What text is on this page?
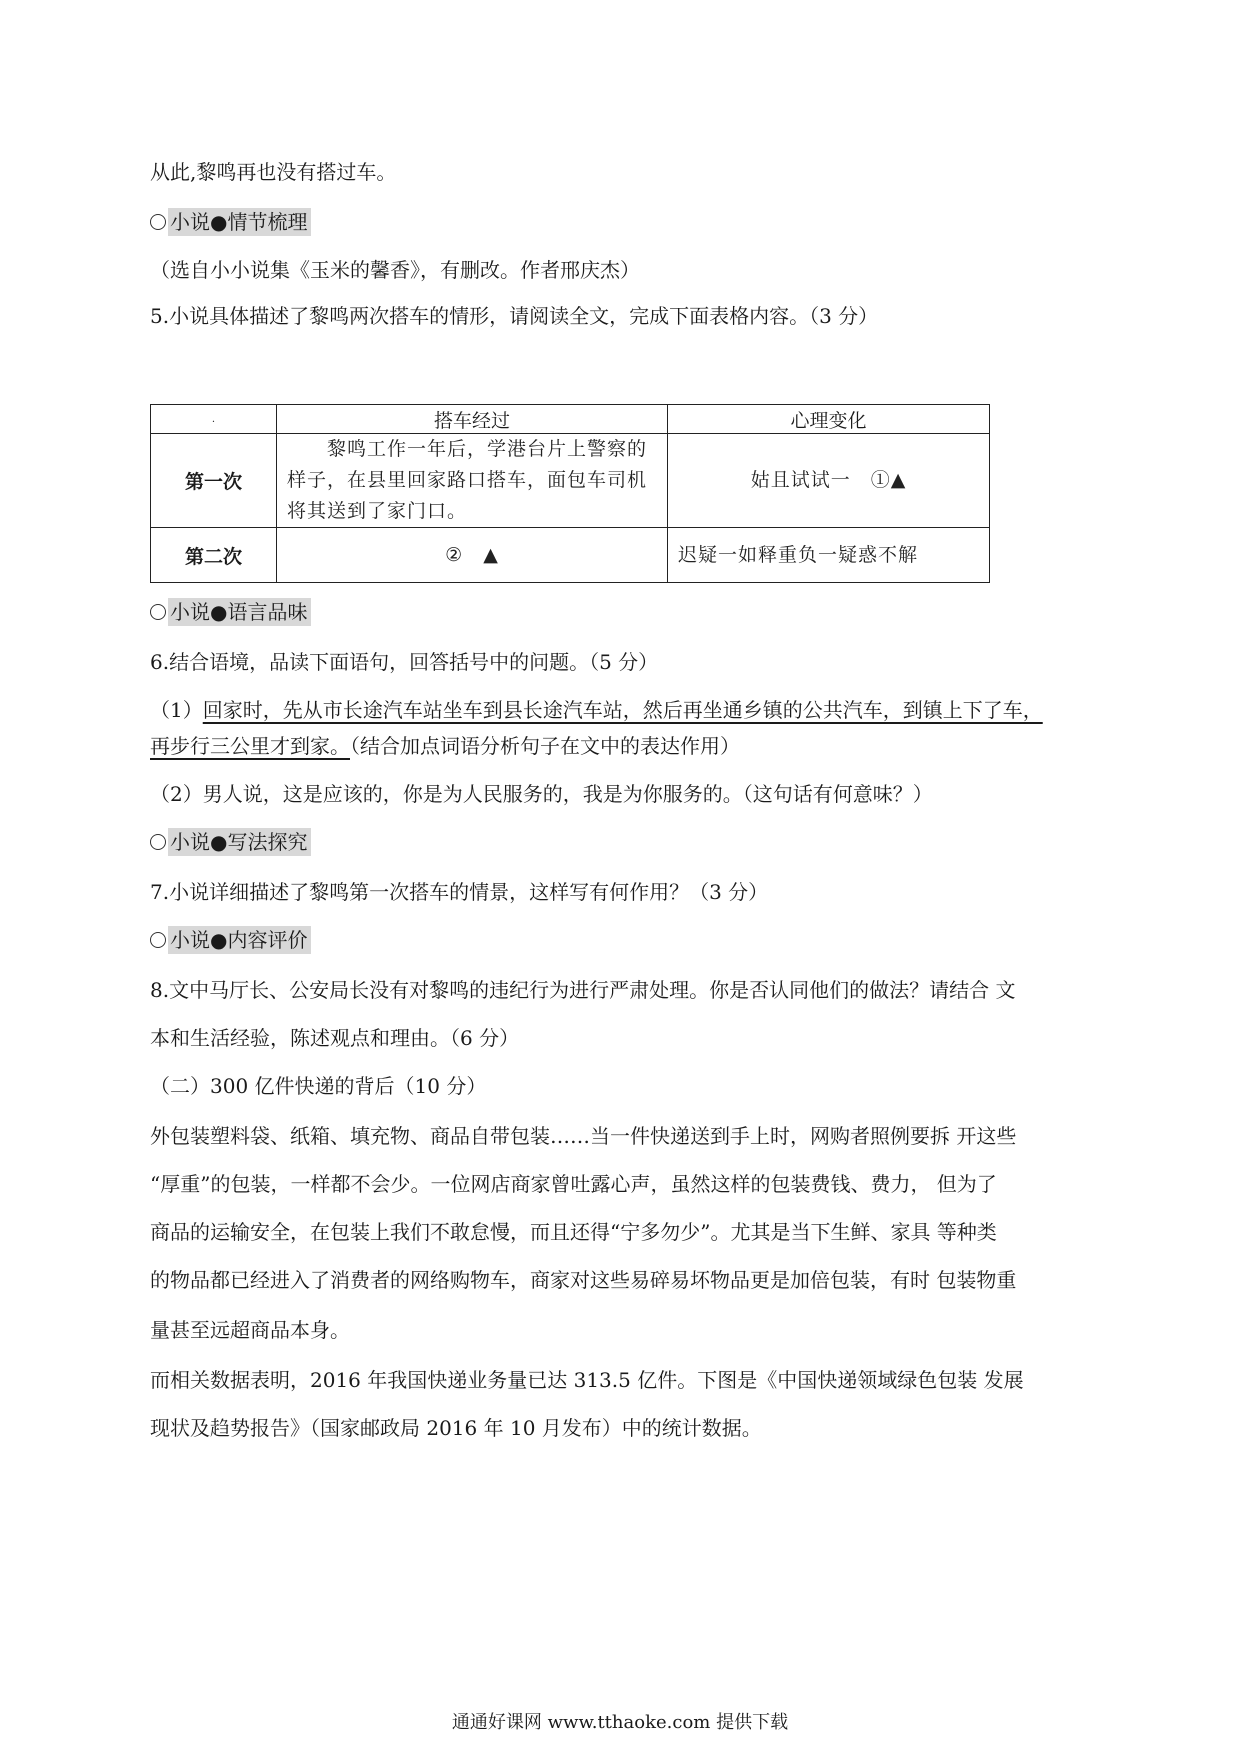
从此,黎鸣再也没有搭过车。
小说●情节梳理
（选自小小说集《玉米的馨香》，有删改。作者邢庆杰）
5.小说具体描述了黎鸣两次搭车的情形，请阅读全文，完成下面表格内容。（3 分）
.	搭车经过	心理变化
第一次	　　黎鸣工作一年后，学港台片上警察的样子，在县里回家路口搭车，面包车司机将其送到了家门口。	姑且试试一　①▲
第二次	②　▲	迟疑一如释重负一疑惑不解
小说●语言品味
6.结合语境，品读下面语句，回答括号中的问题。（5 分）
（1）回家时，先从市长途汽车站坐车到县长途汽车站，然后再坐通乡镇的公共汽车，到镇上下了车，
再步行三公里才到家。（结合加点词语分析句子在文中的表达作用）
（2）男人说，这是应该的，你是为人民服务的，我是为你服务的。（这句话有何意味？）
小说●写法探究
7.小说详细描述了黎鸣第一次搭车的情景，这样写有何作用？（3 分）
小说●内容评价
8.文中马厅长、公安局长没有对黎鸣的违纪行为进行严肃处理。你是否认同他们的做法？请结合 文
本和生活经验，陈述观点和理由。（6 分）
（二）300 亿件快递的背后（10 分）
外包装塑料袋、纸箱、填充物、商品自带包装……当一件快递送到手上时，网购者照例要拆 开这些
“厚重”的包装，一样都不会少。一位网店商家曾吐露心声，虽然这样的包装费钱、费力， 但为了
商品的运输安全，在包装上我们不敢怠慢，而且还得“宁多勿少”。尤其是当下生鲜、家具 等种类
的物品都已经进入了消费者的网络购物车，商家对这些易碎易坏物品更是加倍包装，有时 包装物重
量甚至远超商品本身。
而相关数据表明，2016 年我国快递业务量已达 313.5 亿件。下图是《中国快递领域绿色包装 发展
现状及趋势报告》（国家邮政局 2016 年 10 月发布）中的统计数据。
通通好课网 www.tthaoke.com 提供下载
